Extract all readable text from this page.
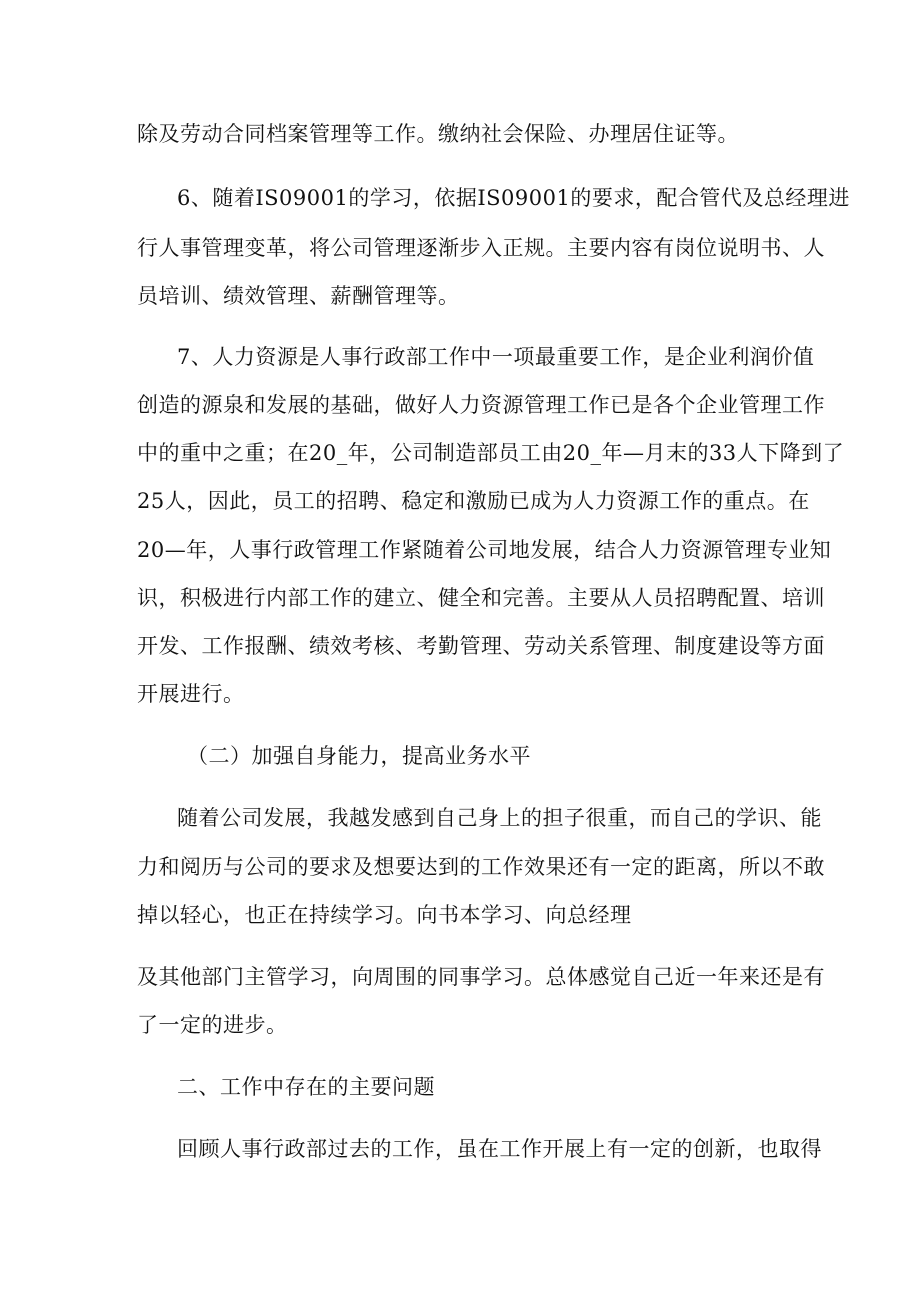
除及劳动合同档案管理等工作。缴纳社会保险、办理居住证等。
6、随着IS09001的学习，依据IS09001的要求，配合管代及总经理进
行人事管理变革，将公司管理逐渐步入正规。主要内容有岗位说明书、人
员培训、绩效管理、薪酬管理等。
7、人力资源是人事行政部工作中一项最重要工作，是企业利润价值
创造的源泉和发展的基础，做好人力资源管理工作已是各个企业管理工作
中的重中之重；在20_年，公司制造部员工由20_年—月末的33人下降到了
25人，因此，员工的招聘、稳定和激励已成为人力资源工作的重点。在
20—年，人事行政管理工作紧随着公司地发展，结合人力资源管理专业知
识，积极进行内部工作的建立、健全和完善。主要从人员招聘配置、培训
开发、工作报酬、绩效考核、考勤管理、劳动关系管理、制度建设等方面
开展进行。
（二）加强自身能力，提高业务水平
随着公司发展，我越发感到自己身上的担子很重，而自己的学识、能
力和阅历与公司的要求及想要达到的工作效果还有一定的距离，所以不敢
掉以轻心，也正在持续学习。向书本学习、向总经理
及其他部门主管学习，向周围的同事学习。总体感觉自己近一年来还是有
了一定的进步。
二、工作中存在的主要问题
回顾人事行政部过去的工作，虽在工作开展上有一定的创新，也取得
